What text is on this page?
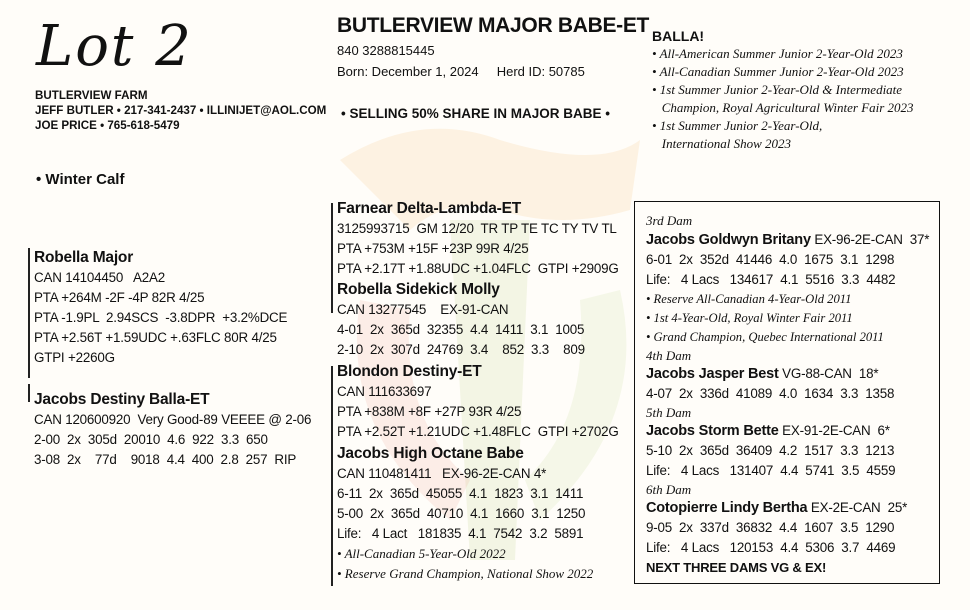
Lot 2
BUTLERVIEW FARM
JEFF BUTLER • 217-341-2437 • ILLINIJET@AOL.COM
JOE PRICE • 765-618-5479
• Winter Calf
BUTLERVIEW MAJOR BABE-ET
840 3288815445
Born: December 1, 2024     Herd ID: 50785
• SELLING 50% SHARE IN MAJOR BABE •
BALLA!
• All-American Summer Junior 2-Year-Old 2023
• All-Canadian Summer Junior 2-Year-Old 2023
• 1st Summer Junior 2-Year-Old & Intermediate
Champion, Royal Agricultural Winter Fair 2023
• 1st Summer Junior 2-Year-Old,
International Show 2023
Robella Major
CAN 14104450   A2A2
PTA +264M -2F -4P 82R 4/25
PTA -1.9PL  2.94SCS  -3.8DPR  +3.2%DCE
PTA +2.56T +1.59UDC +.63FLC 80R 4/25
GTPI +2260G
Jacobs Destiny Balla-ET
CAN 120600920  Very Good-89 VEEEE @ 2-06
2-00  2x  305d  20010  4.6  922  3.3  650
3-08  2x    77d    9018  4.4  400  2.8  257  RIP
Farnear Delta-Lambda-ET
3125993715  GM 12/20  TR TP TE TC TY TV TL
PTA +753M +15F +23P 99R 4/25
PTA +2.17T +1.88UDC +1.04FLC  GTPI +2909G
Robella Sidekick Molly
CAN 13277545    EX-91-CAN
4-01  2x  365d  32355  4.4  1411  3.1  1005
2-10  2x  307d  24769  3.4    852  3.3    809
Blondon Destiny-ET
CAN 111633697
PTA +838M +8F +27P 93R 4/25
PTA +2.52T +1.21UDC +1.48FLC  GTPI +2702G
Jacobs High Octane Babe
CAN 110481411   EX-96-2E-CAN 4*
6-11  2x  365d  45055  4.1  1823  3.1  1411
5-00  2x  365d  40710  4.1  1660  3.1  1250
Life:   4 Lact   181835  4.1  7542  3.2  5891
• All-Canadian 5-Year-Old 2022
• Reserve Grand Champion, National Show 2022
3rd Dam
Jacobs Goldwyn Britany EX-96-2E-CAN  37*
6-01  2x  352d  41446  4.0  1675  3.1  1298
Life:   4 Lacs   134617  4.1  5516  3.3  4482
• Reserve All-Canadian 4-Year-Old 2011
• 1st 4-Year-Old, Royal Winter Fair 2011
• Grand Champion, Quebec International 2011
4th Dam
Jacobs Jasper Best VG-88-CAN  18*
4-07  2x  336d  41089  4.0  1634  3.3  1358
5th Dam
Jacobs Storm Bette EX-91-2E-CAN  6*
5-10  2x  365d  36409  4.2  1517  3.3  1213
Life:   4 Lacs   131407  4.4  5741  3.5  4559
6th Dam
Cotopierre Lindy Bertha EX-2E-CAN  25*
9-05  2x  337d  36832  4.4  1607  3.5  1290
Life:   4 Lacs   120153  4.4  5306  3.7  4469
NEXT THREE DAMS VG & EX!
